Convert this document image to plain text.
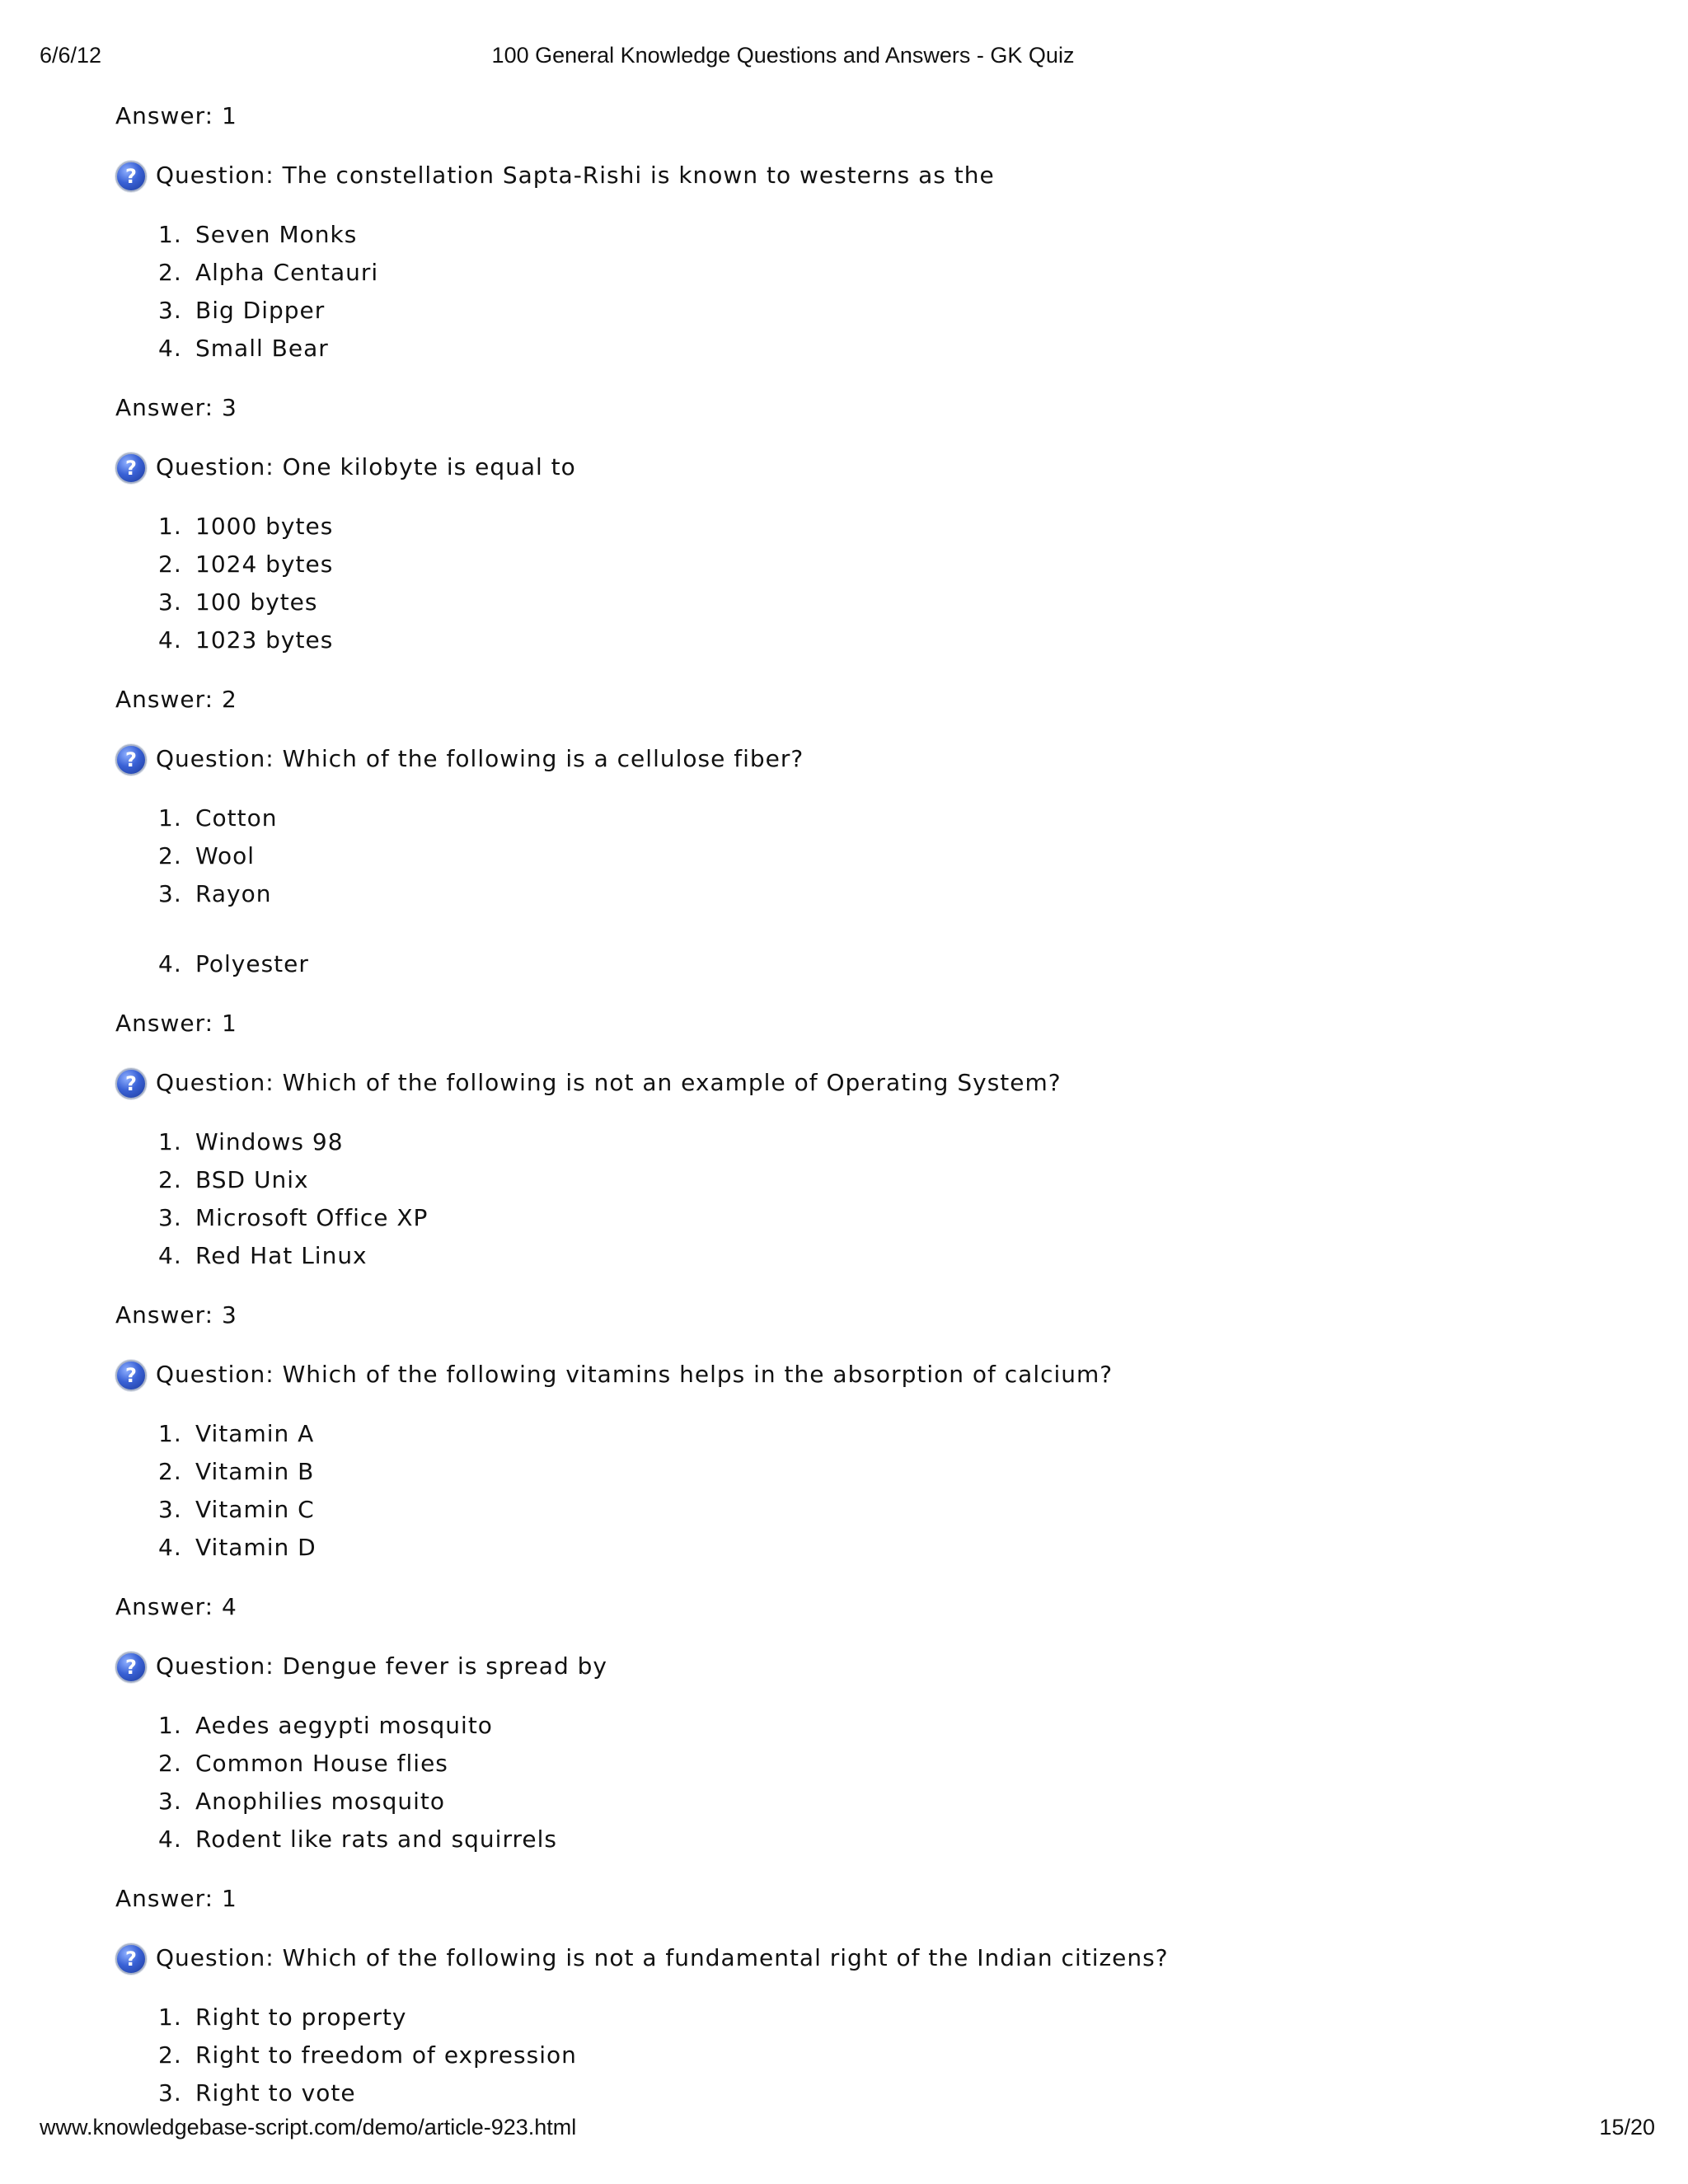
6/6/12	100 General Knowledge Questions and Answers - GK Quiz

Answer: 1

? Question: The constellation Sapta-Rishi is known to westerns as the
1. Seven Monks
2. Alpha Centauri
3. Big Dipper
4. Small Bear

Answer: 3

? Question: One kilobyte is equal to
1. 1000 bytes
2. 1024 bytes
3. 100 bytes
4. 1023 bytes

Answer: 2

? Question: Which of the following is a cellulose fiber?
1. Cotton
2. Wool
3. Rayon
4. Polyester

Answer: 1

? Question: Which of the following is not an example of Operating System?
1. Windows 98
2. BSD Unix
3. Microsoft Office XP
4. Red Hat Linux

Answer: 3

? Question: Which of the following vitamins helps in the absorption of calcium?
1. Vitamin A
2. Vitamin B
3. Vitamin C
4. Vitamin D

Answer: 4

? Question: Dengue fever is spread by
1. Aedes aegypti mosquito
2. Common House flies
3. Anophilies mosquito
4. Rodent like rats and squirrels

Answer: 1

? Question: Which of the following is not a fundamental right of the Indian citizens?
1. Right to property
2. Right to freedom of expression
3. Right to vote
www.knowledgebase-script.com/demo/article-923.html	15/20
